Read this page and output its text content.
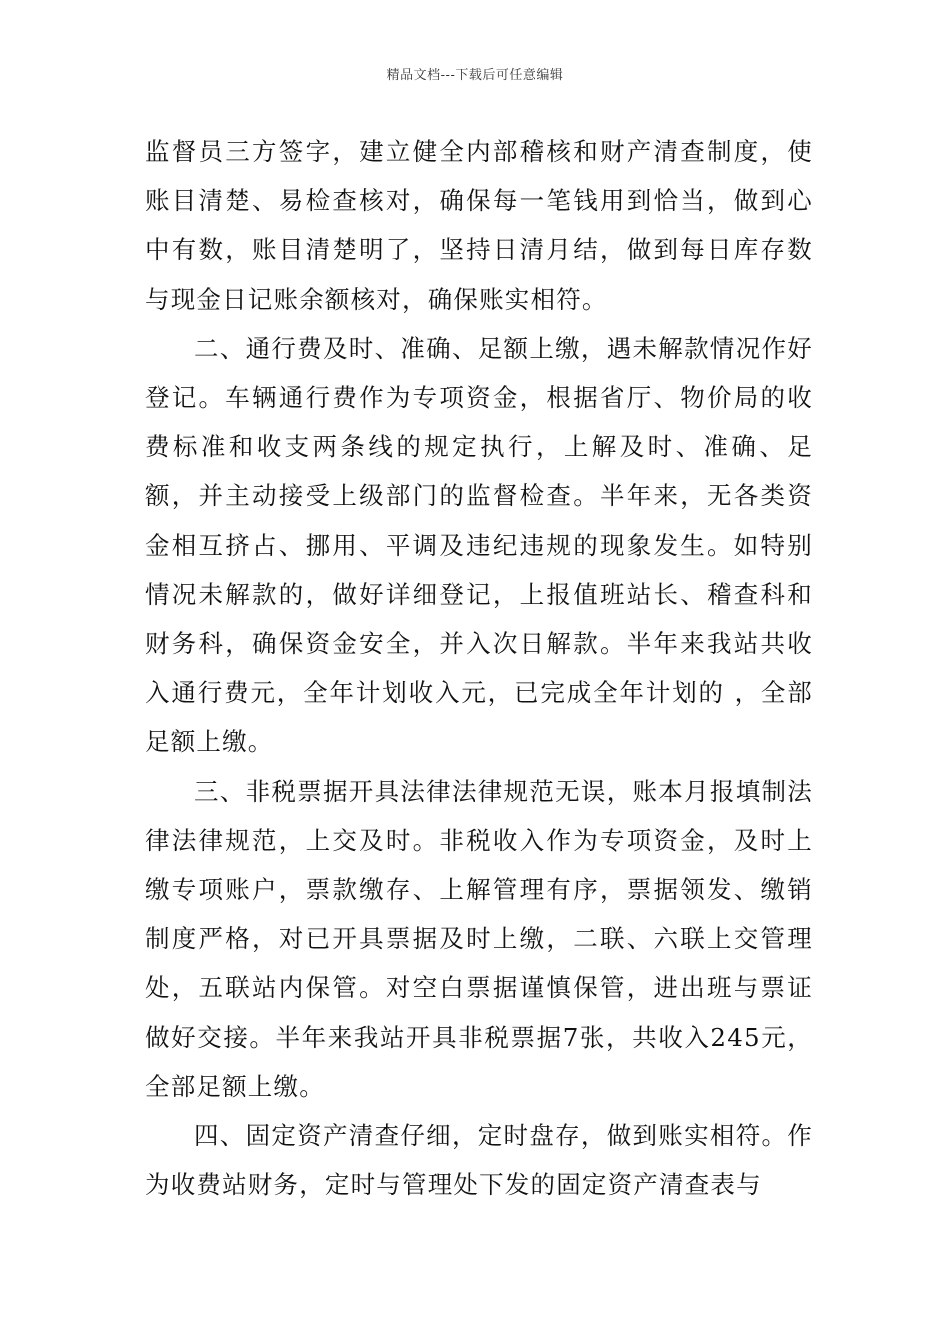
精品文档---下载后可任意编辑

监督员三方签字，建立健全内部稽核和财产清查制度，使账目清楚、易检查核对，确保每一笔钱用到恰当，做到心中有数，账目清楚明了，坚持日清月结，做到每日库存数与现金日记账余额核对，确保账实相符。

二、通行费及时、准确、足额上缴，遇未解款情况作好登记。车辆通行费作为专项资金，根据省厅、物价局的收费标准和收支两条线的规定执行，上解及时、准确、足额，并主动接受上级部门的监督检查。半年来，无各类资金相互挤占、挪用、平调及违纪违规的现象发生。如特别情况未解款的，做好详细登记，上报值班站长、稽查科和财务科，确保资金安全，并入次日解款。半年来我站共收入通行费元，全年计划收入元，已完成全年计划的 ，全部足额上缴。

三、非税票据开具法律法律规范无误，账本月报填制法律法律规范，上交及时。非税收入作为专项资金，及时上缴专项账户，票款缴存、上解管理有序，票据领发、缴销制度严格，对已开具票据及时上缴，二联、六联上交管理处，五联站内保管。对空白票据谨慎保管，进出班与票证做好交接。半年来我站开具非税票据7张，共收入245元，全部足额上缴。

四、固定资产清查仔细，定时盘存，做到账实相符。作为收费站财务，定时与管理处下发的固定资产清查表与
